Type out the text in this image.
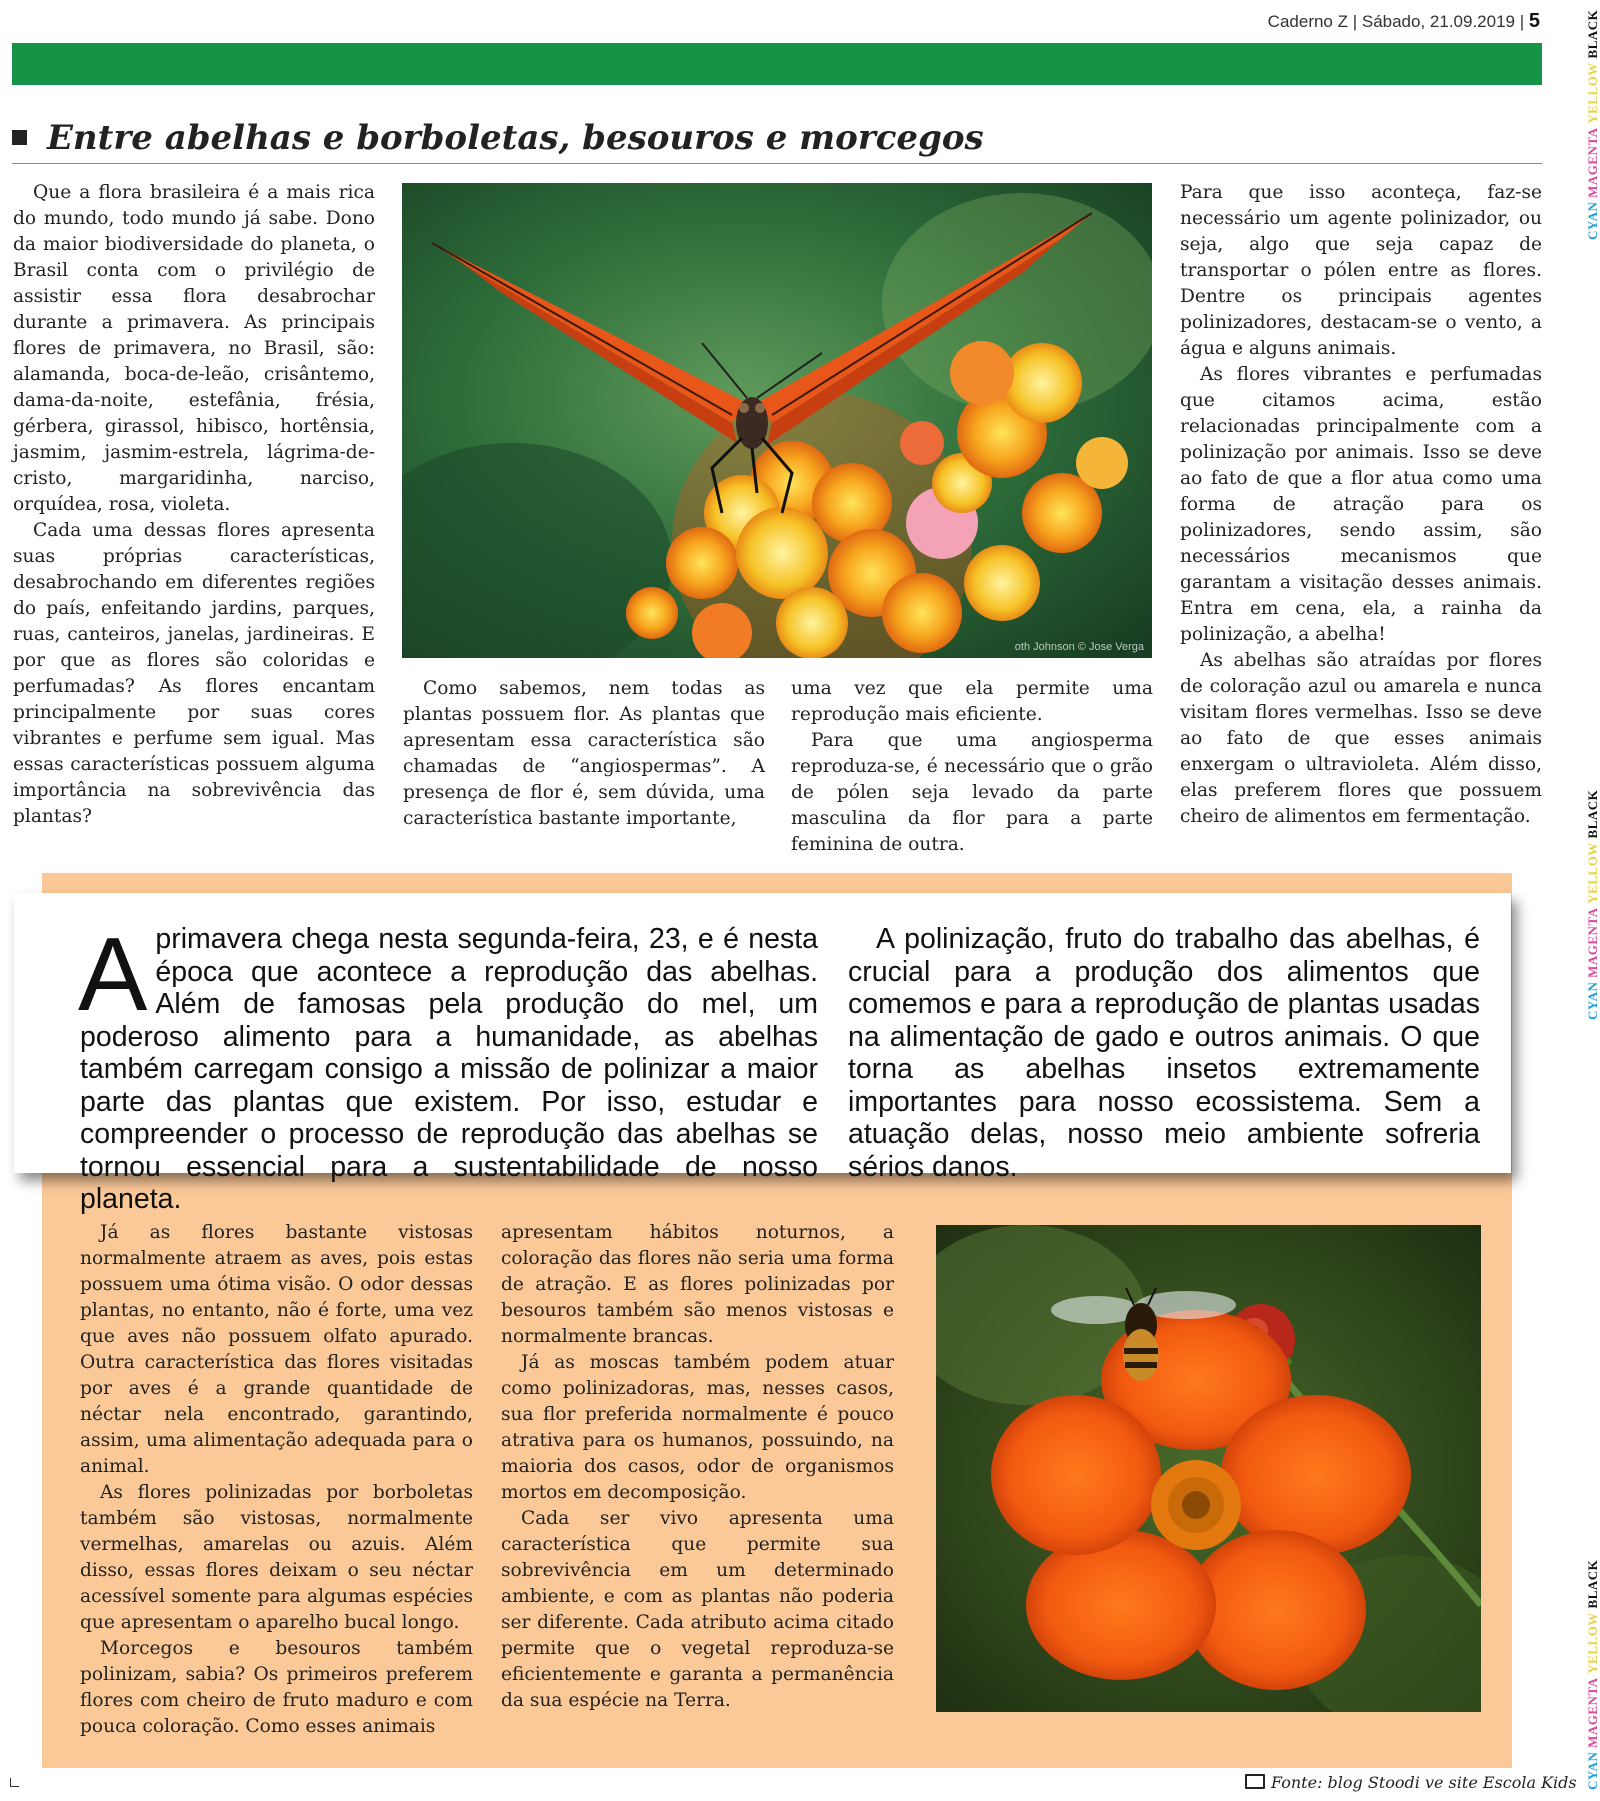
Caderno Z | Sábado, 21.09.2019 | 5
Entre abelhas e borboletas, besouros e morcegos

Que a flora brasileira é a mais rica do mundo, todo mundo já sabe. Dono da maior biodiversidade do planeta, o Brasil conta com o privilégio de assistir essa flora desabrochar durante a primavera. As principais flores de primavera, no Brasil, são: alamanda, boca-de-leão, crisântemo, dama-da-noite, estefânia, frésia, gérbera, girassol, hibisco, hortênsia, jasmim, jasmim-estrela, lágrima-de-cristo, margaridinha, narciso, orquídea, rosa, violeta.

Cada uma dessas flores apresenta suas próprias características, desabrochando em diferentes regiões do país, enfeitando jardins, parques, ruas, canteiros, janelas, jardineiras. E por que as flores são coloridas e perfumadas? As flores encantam principalmente por suas cores vibrantes e perfume sem igual. Mas essas características possuem alguma importância na sobrevivência das plantas?

oth Johnson © Jose Verga

Como sabemos, nem todas as plantas possuem flor. As plantas que apresentam essa característica são chamadas de “angiospermas”. A presença de flor é, sem dúvida, uma característica bastante importante,

uma vez que ela permite uma reprodução mais eficiente.

Para que uma angiosperma reproduza-se, é necessário que o grão de pólen seja levado da parte masculina da flor para a parte feminina de outra.

Para que isso aconteça, faz-se necessário um agente polinizador, ou seja, algo que seja capaz de transportar o pólen entre as flores. Dentre os principais agentes polinizadores, destacam-se o vento, a água e alguns animais.

As flores vibrantes e perfumadas que citamos acima, estão relacionadas principalmente com a polinização por animais. Isso se deve ao fato de que a flor atua como uma forma de atração para os polinizadores, sendo assim, são necessários mecanismos que garantam a visitação desses animais. Entra em cena, ela, a rainha da polinização, a abelha!

As abelhas são atraídas por flores de coloração azul ou amarela e nunca visitam flores vermelhas. Isso se deve ao fato de que esses animais enxergam o ultravioleta. Além disso, elas preferem flores que possuem cheiro de alimentos em fermentação.

CYAN MAGENTA YELLOW BLACK
CYAN MAGENTA YELLOW BLACK
CYAN MAGENTA YELLOW BLACK
A primavera chega nesta segunda-feira, 23, e é nesta época que acontece a reprodução das abelhas. Além de famosas pela produção do mel, um poderoso alimento para a humanidade, as abelhas também carregam consigo a missão de polinizar a maior parte das plantas que existem. Por isso, estudar e compreender o processo de reprodução das abelhas se tornou essencial para a sustentabilidade de nosso planeta.

A polinização, fruto do trabalho das abelhas, é crucial para a produção dos alimentos que comemos e para a reprodução de plantas usadas na alimentação de gado e outros animais. O que torna as abelhas insetos extremamente importantes para nosso ecossistema. Sem a atuação delas, nosso meio ambiente sofreria sérios danos.

Já as flores bastante vistosas normalmente atraem as aves, pois estas possuem uma ótima visão. O odor dessas plantas, no entanto, não é forte, uma vez que aves não possuem olfato apurado. Outra característica das flores visitadas por aves é a grande quantidade de néctar nela encontrado, garantindo, assim, uma alimentação adequada para o animal.

As flores polinizadas por borboletas também são vistosas, normalmente vermelhas, amarelas ou azuis. Além disso, essas flores deixam o seu néctar acessível somente para algumas espécies que apresentam o aparelho bucal longo.

Morcegos e besouros também polinizam, sabia? Os primeiros preferem flores com cheiro de fruto maduro e com pouca coloração. Como esses animais

apresentam hábitos noturnos, a coloração das flores não seria uma forma de atração. E as flores polinizadas por besouros também são menos vistosas e normalmente brancas.

Já as moscas também podem atuar como polinizadoras, mas, nesses casos, sua flor preferida normalmente é pouco atrativa para os humanos, possuindo, na maioria dos casos, odor de organismos mortos em decomposição.

Cada ser vivo apresenta uma característica que permite sua sobrevivência em um determinado ambiente, e com as plantas não poderia ser diferente. Cada atributo acima citado permite que o vegetal reproduza-se eficientemente e garanta a permanência da sua espécie na Terra.

Fonte: blog Stoodi ve site Escola Kids
